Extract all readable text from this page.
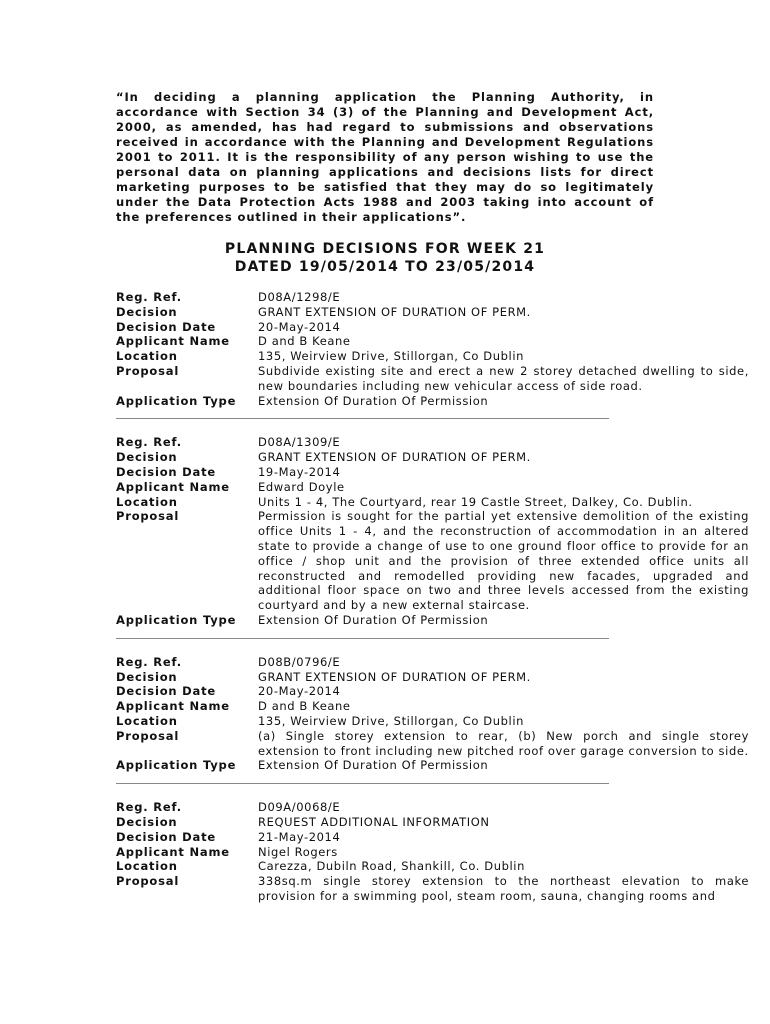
“In deciding a planning application the Planning Authority, in accordance with Section 34 (3) of the Planning and Development Act, 2000, as amended, has had regard to submissions and observations received in accordance with the Planning and Development Regulations 2001 to 2011. It is the responsibility of any person wishing to use the personal data on planning applications and decisions lists for direct marketing purposes to be satisfied that they may do so legitimately under the Data Protection Acts 1988 and 2003 taking into account of the preferences outlined in their applications”.
PLANNING DECISIONS FOR WEEK 21
DATED 19/05/2014 TO 23/05/2014
Reg. Ref.	D08A/1298/E
Decision	GRANT EXTENSION OF DURATION OF PERM.
Decision Date	20-May-2014
Applicant Name	D and B Keane
Location	135, Weirview Drive, Stillorgan, Co Dublin
Proposal	Subdivide existing site and erect a new 2 storey detached dwelling to side, new boundaries including new vehicular access of side road.
Application Type	Extension Of Duration Of Permission
Reg. Ref.	D08A/1309/E
Decision	GRANT EXTENSION OF DURATION OF PERM.
Decision Date	19-May-2014
Applicant Name	Edward Doyle
Location	Units 1 - 4, The Courtyard, rear 19 Castle Street, Dalkey, Co. Dublin.
Proposal	Permission is sought for the partial yet extensive demolition of the existing office Units 1 - 4, and the reconstruction of accommodation in an altered state to provide a change of use to one ground floor office to provide for an office / shop unit and the provision of three extended office units all reconstructed and remodelled providing new facades, upgraded and additional floor space on two and three levels accessed from the existing courtyard and by a new external staircase.
Application Type	Extension Of Duration Of Permission
Reg. Ref.	D08B/0796/E
Decision	GRANT EXTENSION OF DURATION OF PERM.
Decision Date	20-May-2014
Applicant Name	D and B Keane
Location	135, Weirview Drive, Stillorgan, Co Dublin
Proposal	(a) Single storey extension to rear, (b) New porch and single storey extension to front including new pitched roof over garage conversion to side.
Application Type	Extension Of Duration Of Permission
Reg. Ref.	D09A/0068/E
Decision	REQUEST ADDITIONAL INFORMATION
Decision Date	21-May-2014
Applicant Name	Nigel Rogers
Location	Carezza, Dubiln Road, Shankill, Co. Dublin
Proposal	338sq.m single storey extension to the northeast elevation to make provision for a swimming pool, steam room, sauna, changing rooms and
